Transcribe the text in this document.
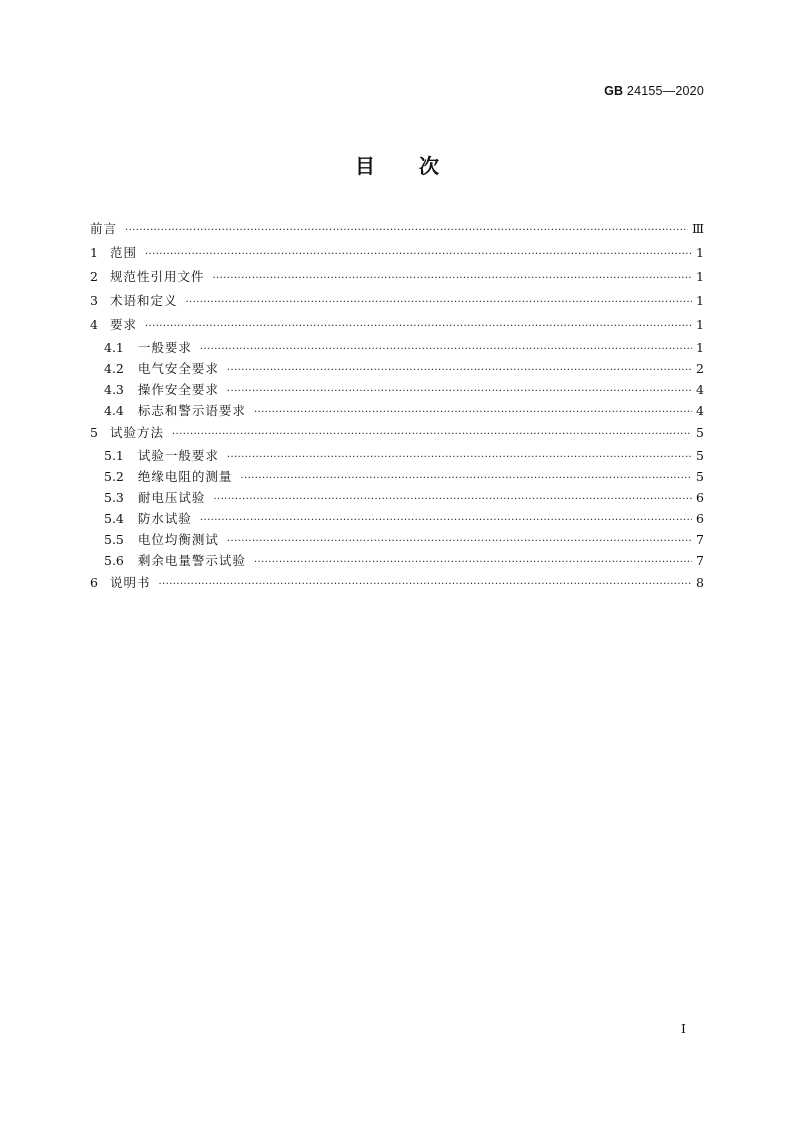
GB 24155—2020
目 次
前言 ·····	Ⅲ
1 范围 ·····	1
2 规范性引用文件 ·····	1
3 术语和定义 ·····	1
4 要求 ·····	1
4.1 一般要求 ·····	1
4.2 电气安全要求 ·····	2
4.3 操作安全要求 ·····	4
4.4 标志和警示语要求 ·····	4
5 试验方法 ·····	5
5.1 试验一般要求 ·····	5
5.2 绝缘电阻的测量 ·····	5
5.3 耐电压试验 ·····	6
5.4 防水试验 ·····	6
5.5 电位均衡测试 ·····	7
5.6 剩余电量警示试验 ·····	7
6 说明书 ·····	8
I
